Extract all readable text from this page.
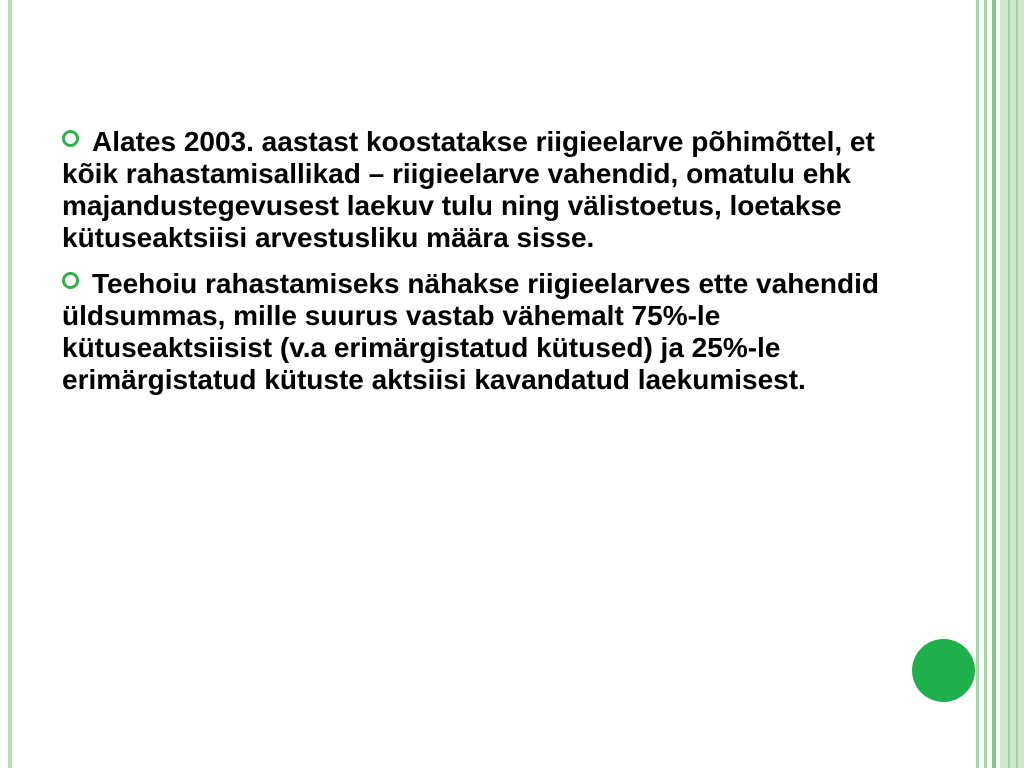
Alates 2003. aastast koostatakse riigieelarve põhimõttel, et kõik rahastamisallikad – riigieelarve vahendid, omatulu ehk majandustegevusest laekuv tulu ning välistoetus, loetakse kütuseaktsiisi arvestusliku määra sisse.

Teehoiu rahastamiseks nähakse riigieelarves ette vahendid üldsummas, mille suurus vastab vähemalt 75%-le kütuseaktsiisist (v.a erimärgistatud kütused) ja 25%-le erimärgistatud kütuste aktsiisi kavandatud laekumisest.
